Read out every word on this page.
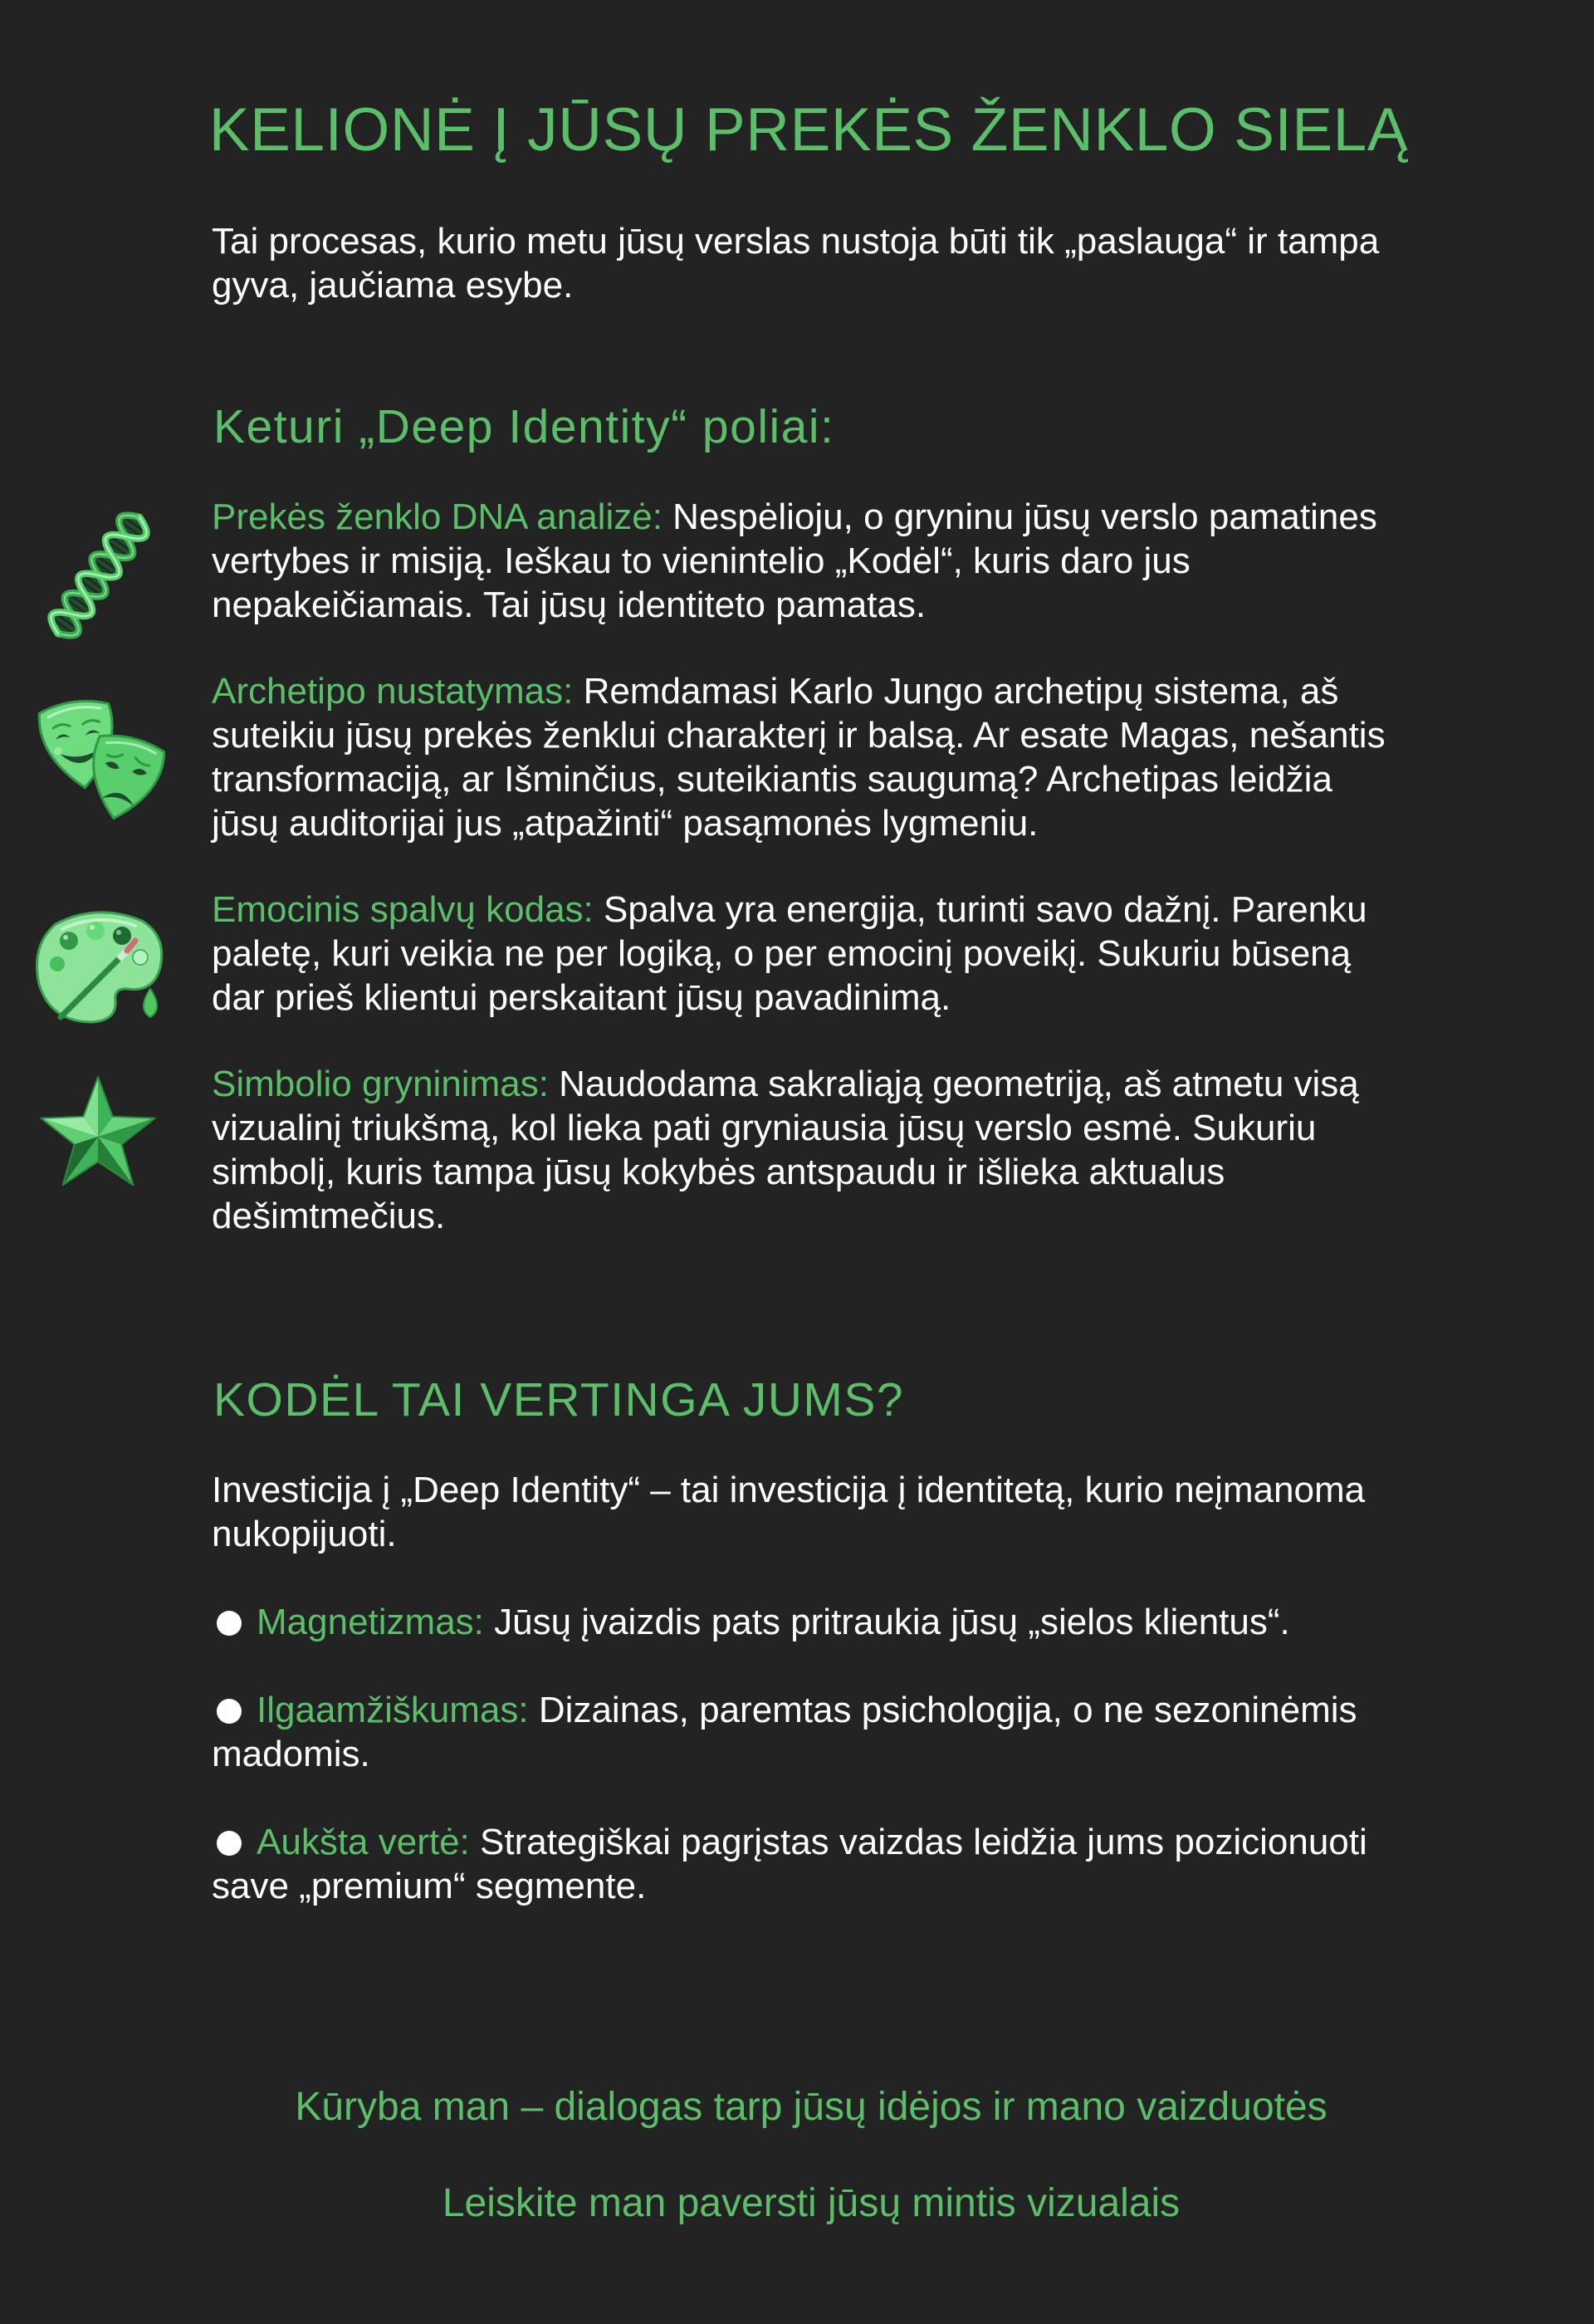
KELIONĖ Į JŪSŲ PREKĖS ŽENKLO SIELĄ

Tai procesas, kurio metu jūsų verslas nustoja būti tik „paslauga“ ir tampa gyva, jaučiama esybe.

Keturi „Deep Identity“ poliai:

Prekės ženklo DNA analizė: Nespėlioju, o gryninu jūsų verslo pamatines vertybes ir misiją. Ieškau to vienintelio „Kodėl“, kuris daro jus nepakeičiamais. Tai jūsų identiteto pamatas.

Archetipo nustatymas: Remdamasi Karlo Jungo archetipų sistema, aš suteikiu jūsų prekės ženklui charakterį ir balsą. Ar esate Magas, nešantis transformaciją, ar Išminčius, suteikiantis saugumą? Archetipas leidžia jūsų auditorijai jus „atpažinti“ pasąmonės lygmeniu.

Emocinis spalvų kodas: Spalva yra energija, turinti savo dažnį. Parenku paletę, kuri veikia ne per logiką, o per emocinį poveikį. Sukuriu būseną dar prieš klientui perskaitant jūsų pavadinimą.

Simbolio gryninimas: Naudodama sakraliąją geometriją, aš atmetu visą vizualinį triukšmą, kol lieka pati gryniausia jūsų verslo esmė. Sukuriu simbolį, kuris tampa jūsų kokybės antspaudu ir išlieka aktualus dešimtmečius.

KODĖL TAI VERTINGA JUMS?

Investicija į „Deep Identity“ – tai investicija į identitetą, kurio neįmanoma nukopijuoti.

Magnetizmas: Jūsų įvaizdis pats pritraukia jūsų „sielos klientus“.

Ilgaamžiškumas: Dizainas, paremtas psichologija, o ne sezoninėmis madomis.

Aukšta vertė: Strategiškai pagrįstas vaizdas leidžia jums pozicionuoti save „premium“ segmente.

Kūryba man – dialogas tarp jūsų idėjos ir mano vaizduotės

Leiskite man paversti jūsų mintis vizualais
